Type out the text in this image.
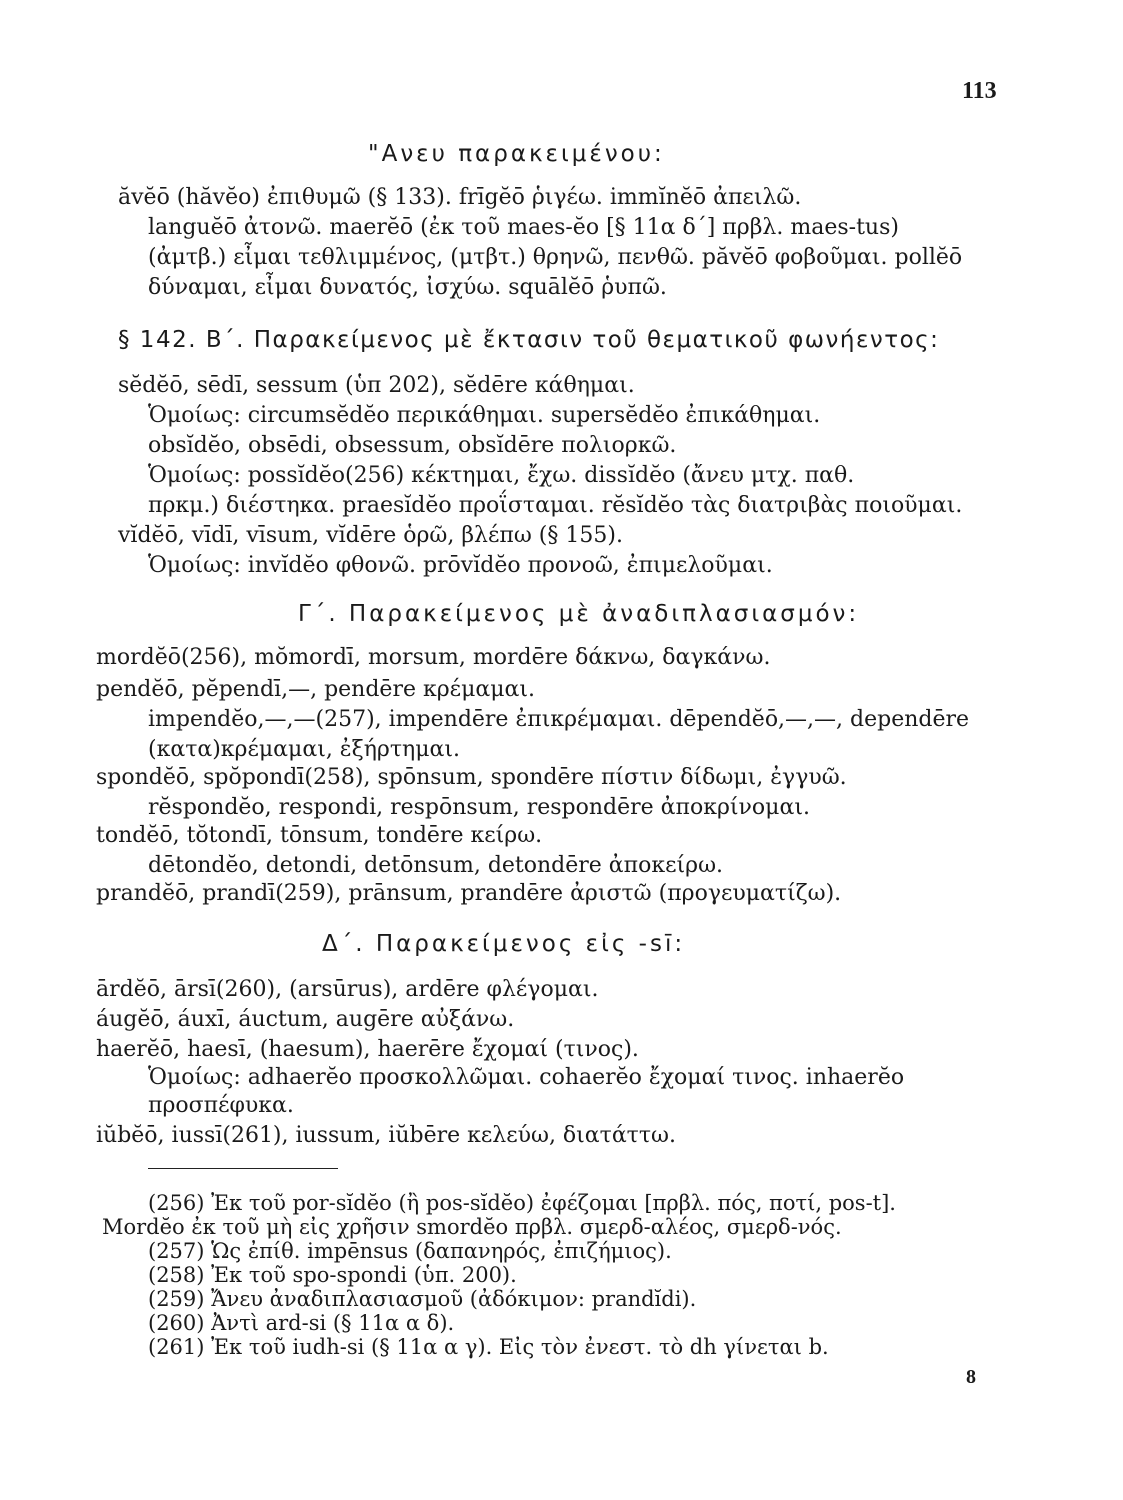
113
"Ανευ παρακειμένου:
ăvĕō (hăvĕo) ἐπιθυμῶ (§ 133). frīgĕō ῥιγέω. immĭnĕō ἀπειλῶ.
languĕō ἀτονῶ. maerĕō (ἐκ τοῦ maes-ĕo [§ 11α δ΄] πρβλ. maes-tus)
(ἀμτβ.) εἶμαι τεθλιμμένος, (μτβτ.) θρηνῶ, πενθῶ. păvĕō φοβοῦμαι. pollĕō
δύναμαι, εἶμαι δυνατός, ἰσχύω. squālĕō ῥυπῶ.
§ 142. Β΄. Παρακείμενος μὲ ἔκτασιν τοῦ θεματικοῦ φωνήεντος:
sĕdĕō, sēdī, sessum (ὑπ 202), sĕdēre κάθημαι.
Ὁμοίως: circumsĕdĕo περικάθημαι. supersĕdĕo ἐπικάθημαι.
obsĭdĕo, obsēdi, obsessum, obsĭdēre πολιορκῶ.
Ὁμοίως: possĭdĕo(256) κέκτημαι, ἔχω. dissĭdĕo (ἄνευ μτχ. παθ.
πρκμ.) διέστηκα. praesĭdĕo προΐσταμαι. rĕsĭdĕo τὰς διατριβὰς ποιοῦμαι.
vĭdĕō, vīdī, vīsum, vĭdēre ὁρῶ, βλέπω (§ 155).
Ὁμοίως: invĭdĕo φθονῶ. prōvĭdĕo προνοῶ, ἐπιμελοῦμαι.
Γ΄. Παρακείμενος μὲ ἀναδιπλασιασμόν:
mordĕō(256), mŏmordī, morsum, mordēre δάκνω, δαγκάνω.
pendĕō, pĕpendī,—, pendēre κρέμαμαι.
impendĕo,—,—(257), impendēre ἐπικρέμαμαι. dēpendĕō,—,—, dependēre
(κατα)κρέμαμαι, ἐξήρτημαι.
spondĕō, spŏpondī(258), spōnsum, spondēre πίστιν δίδωμι, ἐγγυῶ.
rĕspondĕo, respondi, respōnsum, respondēre ἀποκρίνομαι.
tondĕō, tŏtondī, tōnsum, tondēre κείρω.
dētondĕo, detondi, detōnsum, detondēre ἀποκείρω.
prandĕō, prandī(259), prānsum, prandēre ἀριστῶ (προγευματίζω).
Δ΄. Παρακείμενος εἰς -sī:
ārdĕō, ārsī(260), (arsūrus), ardēre φλέγομαι.
áugĕō, áuxī, áuctum, augēre αὐξάνω.
haerĕō, haesī, (haesum), haerēre ἔχομαί (τινος).
Ὁμοίως: adhaerĕo προσκολλῶμαι. cohaerĕo ἔχομαί τινος. inhaerĕo
προσπέφυκα.
iŭbĕō, iussī(261), iussum, iŭbēre κελεύω, διατάττω.
(256) Ἐκ τοῦ por-sĭdĕo (ἢ pos-sĭdĕo) ἐφέζομαι [πρβλ. πός, ποτί, pos-t].
Mordĕo ἐκ τοῦ μὴ εἰς χρῆσιν smordĕo πρβλ. σμερδ-αλέος, σμερδ-νός.
(257) Ὡς ἐπίθ. impēnsus (δαπανηρός, ἐπιζήμιος).
(258) Ἐκ τοῦ spo-spondi (ὑπ. 200).
(259) Ἄνευ ἀναδιπλασιασμοῦ (ἀδόκιμον: prandĭdi).
(260) Ἀντὶ ard-si (§ 11α α δ).
(261) Ἐκ τοῦ iudh-si (§ 11α α γ). Εἰς τὸν ἐνεστ. τὸ dh γίνεται b.
8
